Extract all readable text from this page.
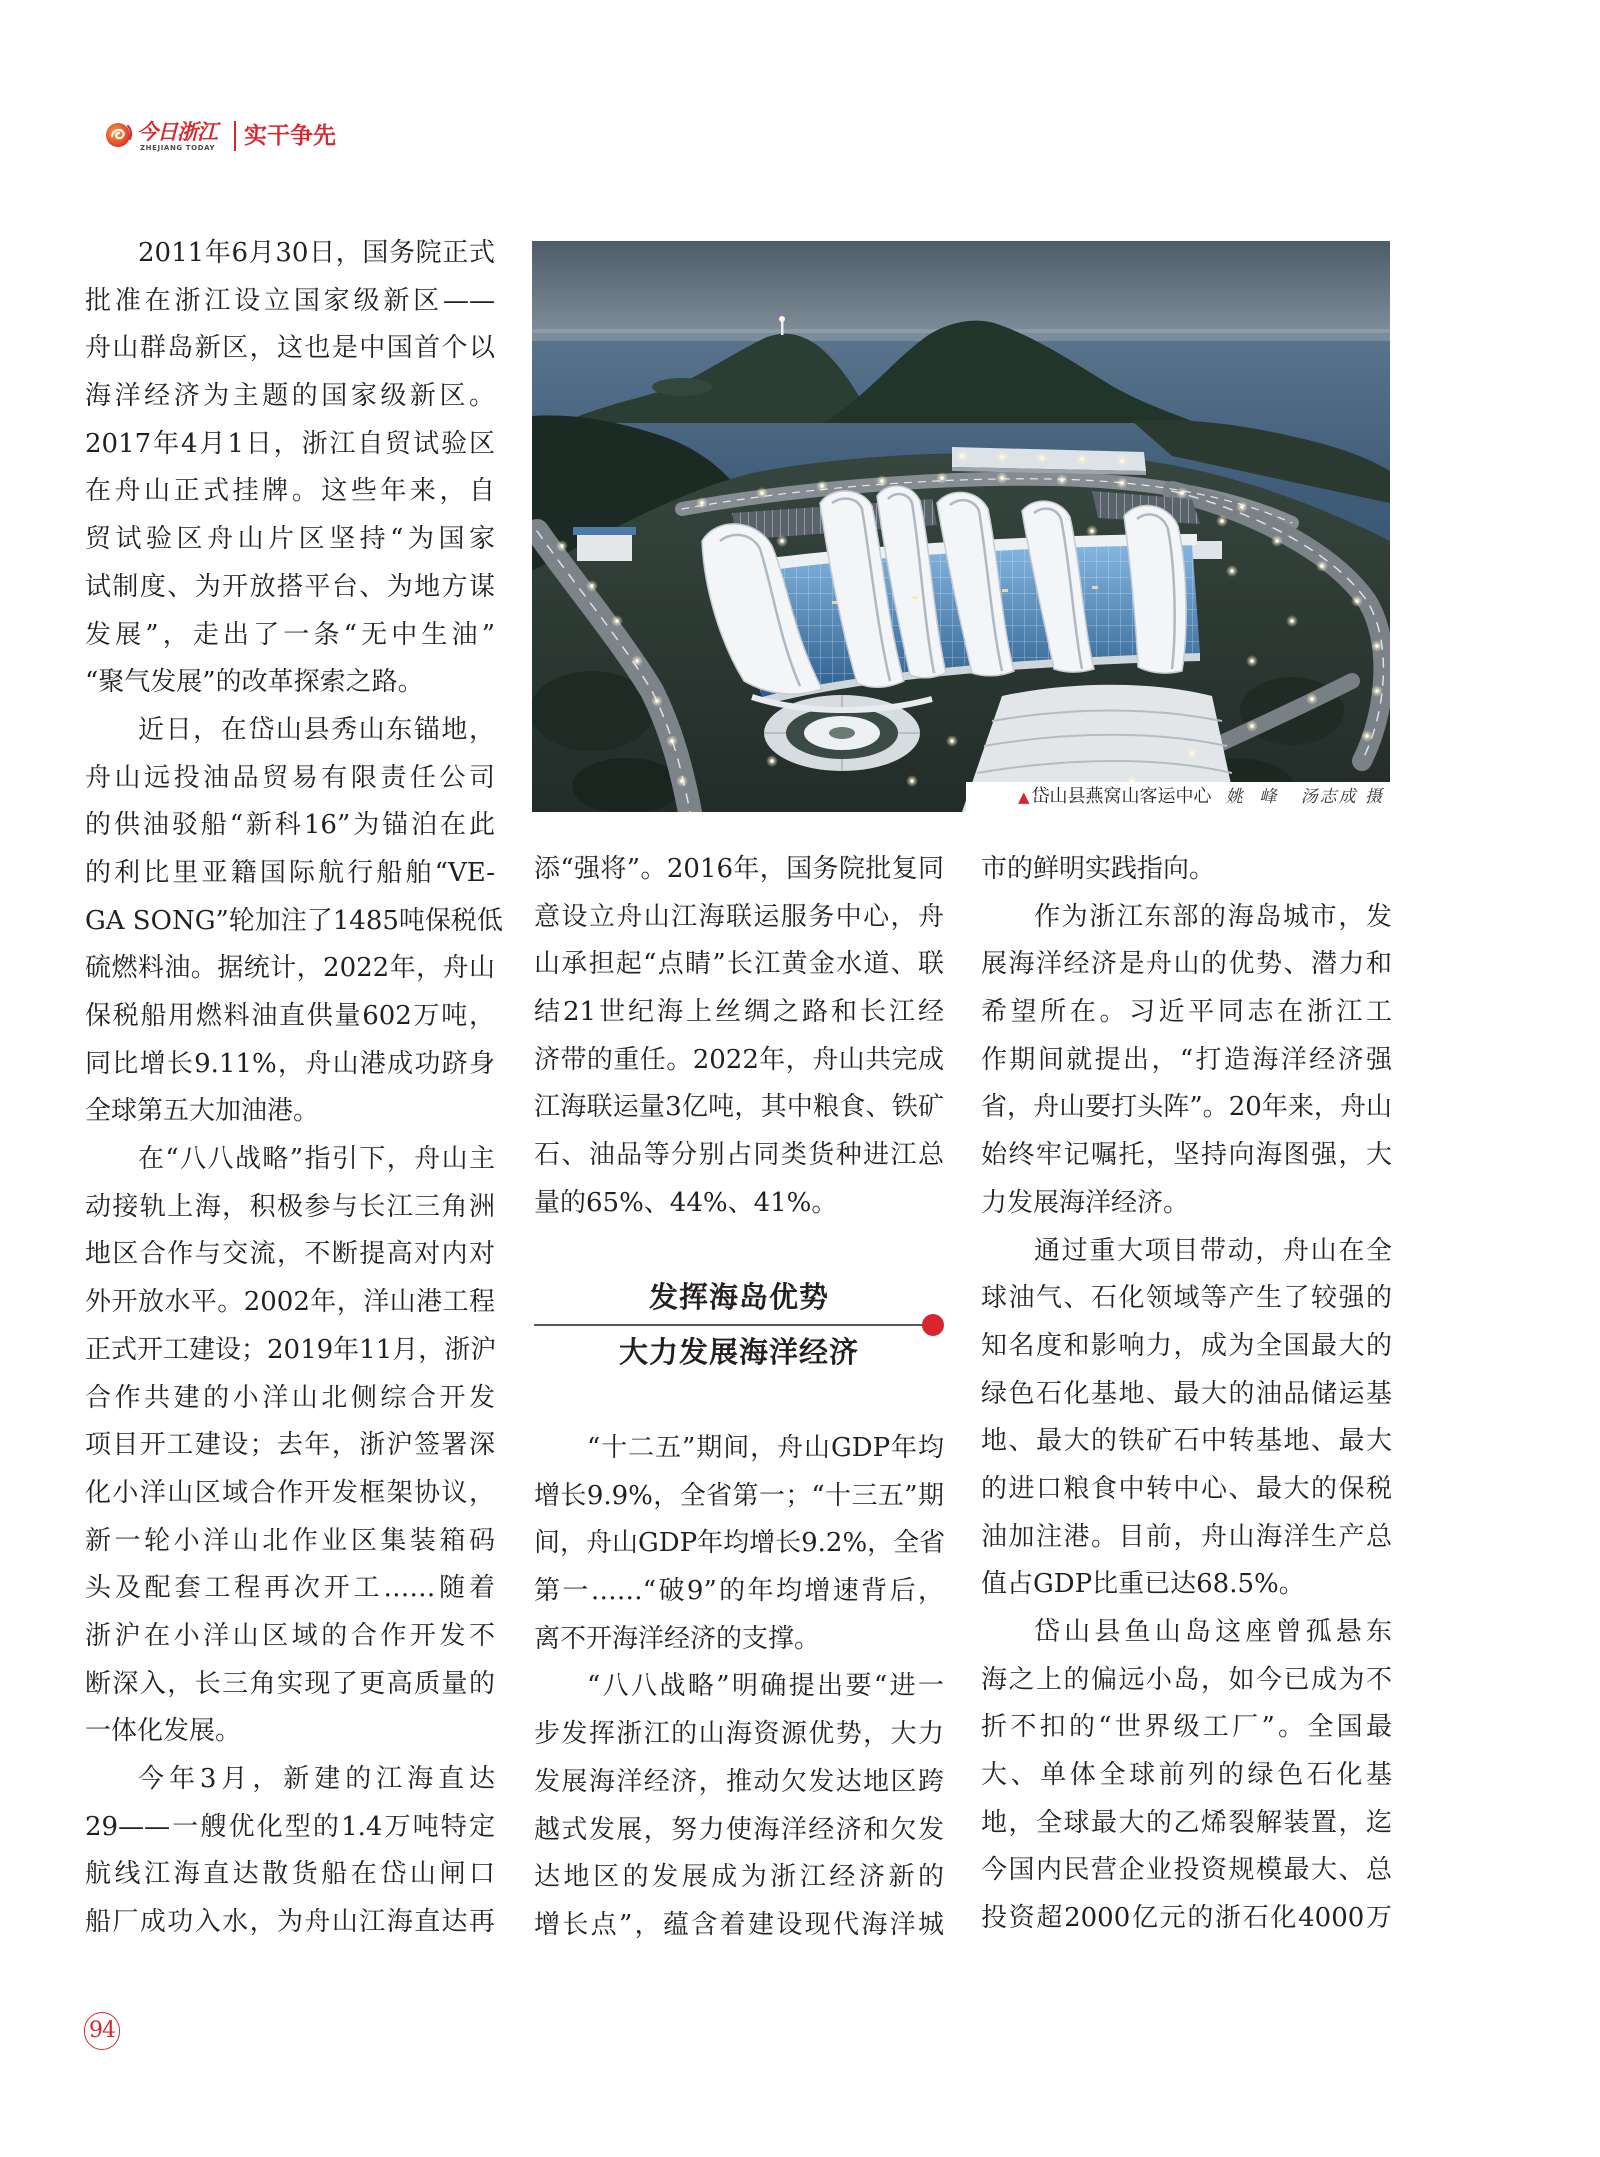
今日浙江
ZHEJIANG TODAY 实干争先
2011年6月30日，国务院正式
批准在浙江设立国家级新区——
舟山群岛新区，这也是中国首个以
海洋经济为主题的国家级新区。
2017年4月1日，浙江自贸试验区
在舟山正式挂牌。这些年来，自
贸试验区舟山片区坚持“为国家
试制度、为开放搭平台、为地方谋
发展”，走出了一条“无中生油”
“聚气发展”的改革探索之路。
近日，在岱山县秀山东锚地，
舟山远投油品贸易有限责任公司
的供油驳船“新科16”为锚泊在此
的利比里亚籍国际航行船舶“VE-
GA SONG”轮加注了1485吨保税低
硫燃料油。据统计，2022年，舟山
保税船用燃料油直供量602万吨，
同比增长9.11%，舟山港成功跻身
全球第五大加油港。
在“八八战略”指引下，舟山主
动接轨上海，积极参与长江三角洲
地区合作与交流，不断提高对内对
外开放水平。2002年，洋山港工程
正式开工建设；2019年11月，浙沪
合作共建的小洋山北侧综合开发
项目开工建设；去年，浙沪签署深
化小洋山区域合作开发框架协议，
新一轮小洋山北作业区集装箱码
头及配套工程再次开工……随着
浙沪在小洋山区域的合作开发不
断深入，长三角实现了更高质量的
一体化发展。
今年3月，新建的江海直达
29——一艘优化型的1.4万吨特定
航线江海直达散货船在岱山闸口
船厂成功入水，为舟山江海直达再
▲ 岱山县燕窝山客运中心 姚  峰   汤志成 摄
添“强将”。2016年，国务院批复同
意设立舟山江海联运服务中心，舟
山承担起“点睛”长江黄金水道、联
结21世纪海上丝绸之路和长江经
济带的重任。2022年，舟山共完成
江海联运量3亿吨，其中粮食、铁矿
石、油品等分别占同类货种进江总
量的65%、44%、41%。
发挥海岛优势
大力发展海洋经济
“十二五”期间，舟山GDP年均
增长9.9%，全省第一；“十三五”期
间，舟山GDP年均增长9.2%，全省
第一……“破9”的年均增速背后，
离不开海洋经济的支撑。
“八八战略”明确提出要“进一
步发挥浙江的山海资源优势，大力
发展海洋经济，推动欠发达地区跨
越式发展，努力使海洋经济和欠发
达地区的发展成为浙江经济新的
增长点”，蕴含着建设现代海洋城
市的鲜明实践指向。
作为浙江东部的海岛城市，发
展海洋经济是舟山的优势、潜力和
希望所在。习近平同志在浙江工
作期间就提出，“打造海洋经济强
省，舟山要打头阵”。20年来，舟山
始终牢记嘱托，坚持向海图强，大
力发展海洋经济。
通过重大项目带动，舟山在全
球油气、石化领域等产生了较强的
知名度和影响力，成为全国最大的
绿色石化基地、最大的油品储运基
地、最大的铁矿石中转基地、最大
的进口粮食中转中心、最大的保税
油加注港。目前，舟山海洋生产总
值占GDP比重已达68.5%。
岱山县鱼山岛这座曾孤悬东
海之上的偏远小岛，如今已成为不
折不扣的“世界级工厂”。全国最
大、单体全球前列的绿色石化基
地，全球最大的乙烯裂解装置，迄
今国内民营企业投资规模最大、总
投资超2000亿元的浙石化4000万
94
